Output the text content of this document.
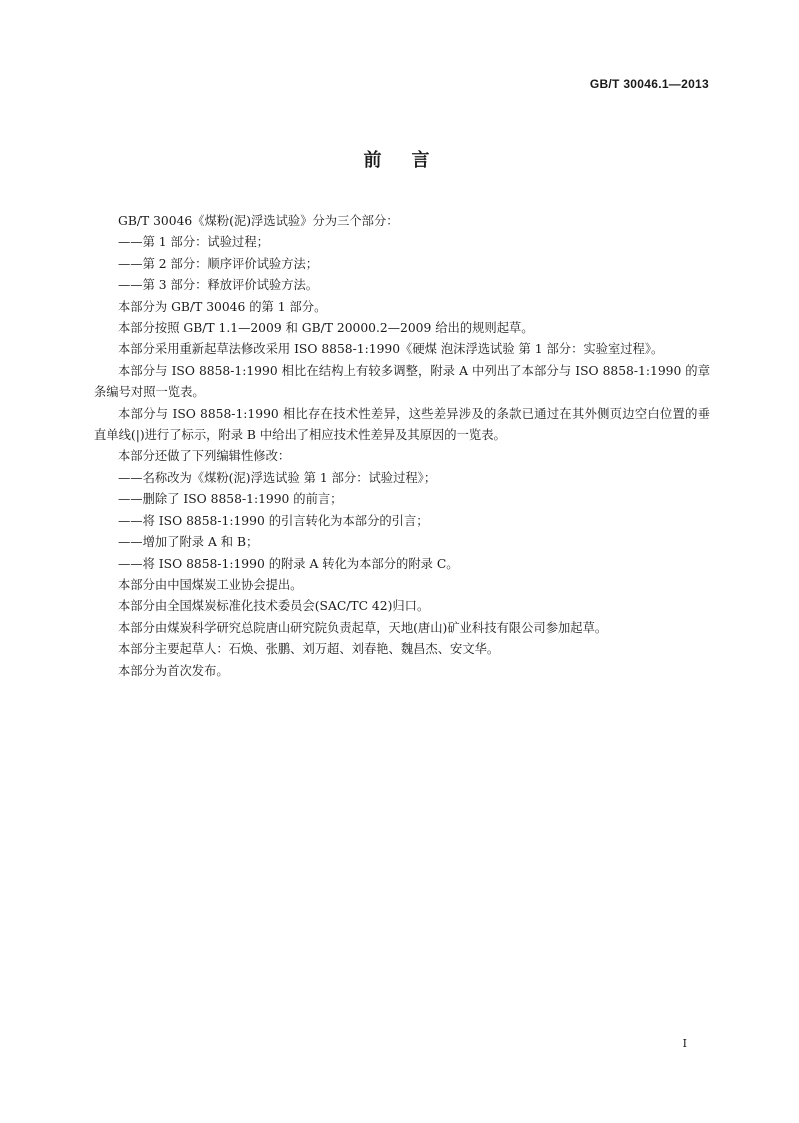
GB/T 30046.1—2013
前言

GB/T 30046《煤粉(泥)浮选试验》分为三个部分：

——第 1 部分：试验过程；

——第 2 部分：顺序评价试验方法；

——第 3 部分：释放评价试验方法。

本部分为 GB/T 30046 的第 1 部分。

本部分按照 GB/T 1.1—2009 和 GB/T 20000.2—2009 给出的规则起草。

本部分采用重新起草法修改采用 ISO 8858-1:1990《硬煤 泡沫浮选试验 第 1 部分：实验室过程》。

本部分与 ISO 8858-1:1990 相比在结构上有较多调整，附录 A 中列出了本部分与 ISO 8858-1:1990 的章条编号对照一览表。

本部分与 ISO 8858-1:1990 相比存在技术性差异，这些差异涉及的条款已通过在其外侧页边空白位置的垂直单线(|)进行了标示，附录 B 中给出了相应技术性差异及其原因的一览表。

本部分还做了下列编辑性修改：

——名称改为《煤粉(泥)浮选试验 第 1 部分：试验过程》；

——删除了 ISO 8858-1:1990 的前言；

——将 ISO 8858-1:1990 的引言转化为本部分的引言；

——增加了附录 A 和 B；

——将 ISO 8858-1:1990 的附录 A 转化为本部分的附录 C。

本部分由中国煤炭工业协会提出。

本部分由全国煤炭标准化技术委员会(SAC/TC 42)归口。

本部分由煤炭科学研究总院唐山研究院负责起草，天地(唐山)矿业科技有限公司参加起草。

本部分主要起草人：石焕、张鹏、刘万超、刘春艳、魏昌杰、安文华。

本部分为首次发布。

I
